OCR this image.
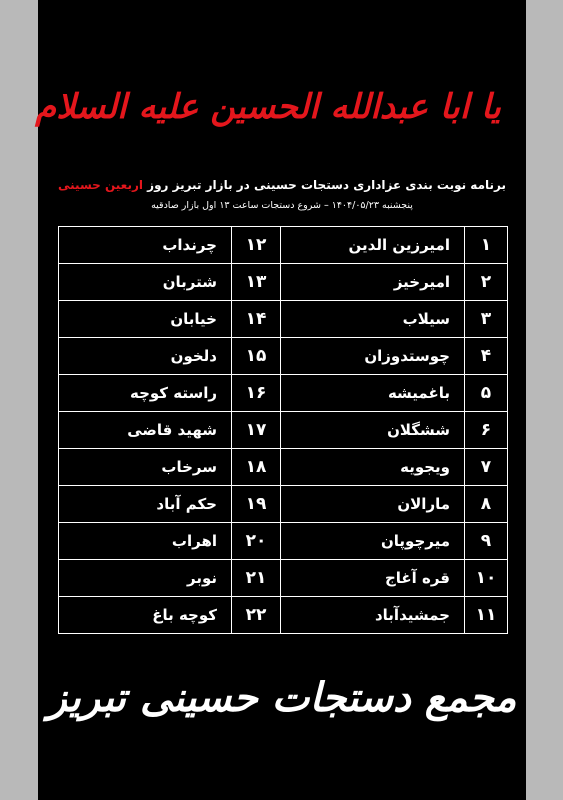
یا ابا عبدالله الحسین علیه السلام
برنامه نوبت بندی عزاداری دستجات حسینی در بازار تبریز روز اربعین حسینی
پنجشنبه ۱۴۰۴/۰۵/۲۳ – شروع دستجات ساعت ۱۳ اول بازار صادقیه
۱	امیرزین الدین	۱۲	چرنداب
۲	امیرخیز	۱۳	شتربان
۳	سیلاب	۱۴	خیابان
۴	چوستدوزان	۱۵	دلخون
۵	باغمیشه	۱۶	راسته کوچه
۶	ششگلان	۱۷	شهید قاضی
۷	ویجویه	۱۸	سرخاب
۸	مارالان	۱۹	حکم آباد
۹	میرچوپان	۲۰	اهراب
۱۰	قره آغاج	۲۱	نوبر
۱۱	جمشیدآباد	۲۲	کوچه باغ
مجمع دستجات حسینی تبریز
